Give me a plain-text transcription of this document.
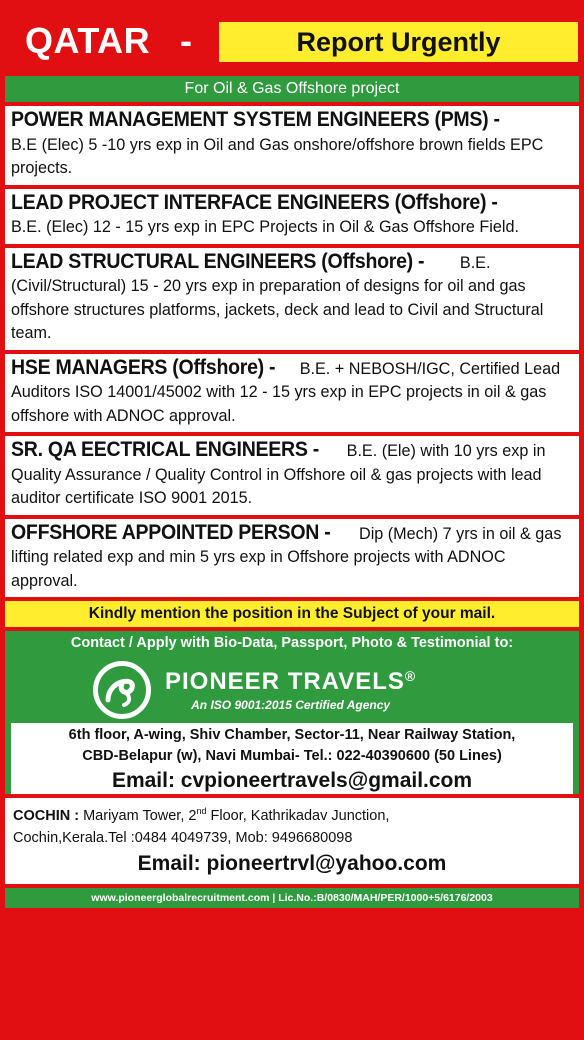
QATAR -	Report Urgently
For Oil & Gas Offshore project
POWER MANAGEMENT SYSTEM ENGINEERS (PMS) -
B.E (Elec) 5 -10 yrs exp in Oil and Gas onshore/offshore brown fields EPC projects.
LEAD PROJECT INTERFACE ENGINEERS (Offshore) -
B.E. (Elec) 12 - 15 yrs exp in EPC Projects in Oil & Gas Offshore Field.
LEAD STRUCTURAL ENGINEERS (Offshore) - B.E. (Civil/Structural) 15 - 20 yrs exp in preparation of designs for oil and gas offshore structures platforms, jackets, deck and lead to Civil and Structural team.
HSE MANAGERS (Offshore) - B.E. + NEBOSH/IGC, Certified Lead Auditors ISO 14001/45002 with 12 - 15 yrs exp in EPC projects in oil & gas offshore with ADNOC approval.
SR. QA EECTRICAL ENGINEERS - B.E. (Ele) with 10 yrs exp in Quality Assurance / Quality Control in Offshore oil & gas projects with lead auditor certificate ISO 9001 2015.
OFFSHORE APPOINTED PERSON - Dip (Mech) 7 yrs in oil & gas lifting related exp and min 5 yrs exp in Offshore projects with ADNOC approval.
Kindly mention the position in the Subject of your mail.
Contact / Apply with Bio-Data, Passport, Photo & Testimonial to:
PIONEER TRAVELS®
An ISO 9001:2015 Certified Agency
6th floor, A-wing, Shiv Chamber, Sector-11, Near Railway Station,
CBD-Belapur (w), Navi Mumbai- Tel.: 022-40390600 (50 Lines)
Email: cvpioneertravels@gmail.com
COCHIN : Mariyam Tower, 2nd Floor, Kathrikadav Junction,
Cochin,Kerala.Tel :0484 4049739, Mob: 9496680098
Email: pioneertrvl@yahoo.com
www.pioneerglobalrecruitment.com | Lic.No.:B/0830/MAH/PER/1000+5/6176/2003
